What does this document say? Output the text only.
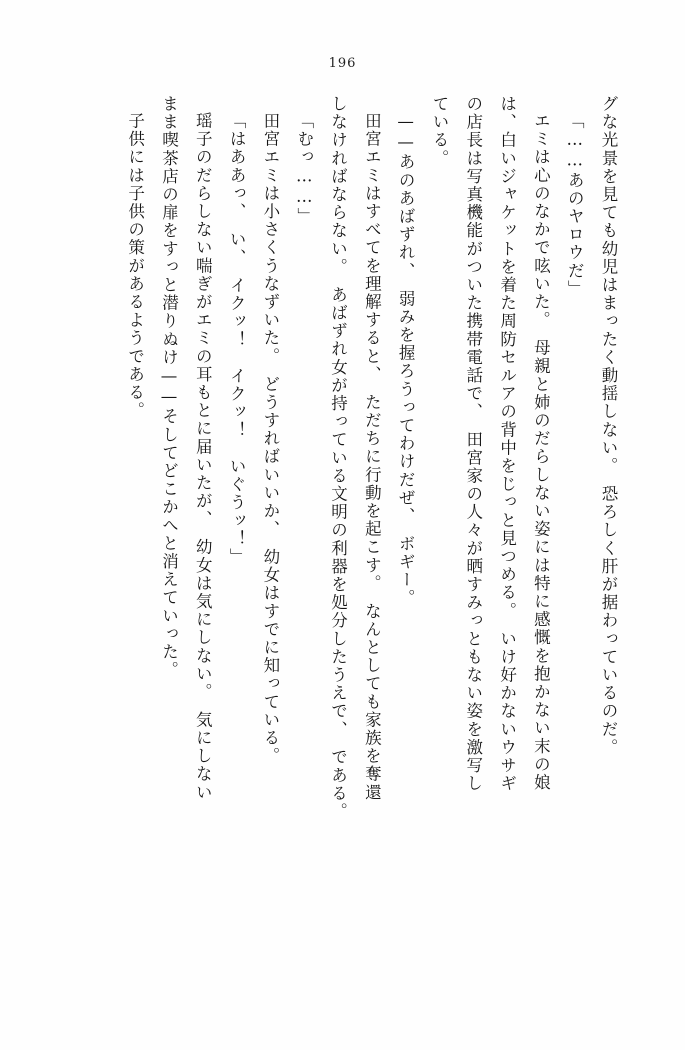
196

グな光景を見ても幼児はまったく動揺しない。　恐ろしく肝が据わっているのだ。

「……あのヤロウだ」

エミは心のなかで呟いた。　母親と姉のだらしない姿には特に感慨を抱かない末の娘

は、白いジャケットを着た周防セルアの背中をじっと見つめる。　いけ好かないウサギ

の店長は写真機能がついた携帯電話で、　田宮家の人々が晒すみっともない姿を激写し

ている。

——あのあばずれ、　弱みを握ろうってわけだぜ、　ボギー。

田宮エミはすべてを理解すると、　ただちに行動を起こす。　なんとしても家族を奪還

しなければならない。　あばずれ女が持っている文明の利器を処分したうえで、　である。

「むっ……」

田宮エミは小さくうなずいた。　どうすればいいか、　幼女はすでに知っている。

「はああっ、　い、　イクッ！　イクッ！　いぐうッ！」

瑶子のだらしない喘ぎがエミの耳もとに届いたが、　幼女は気にしない。　気にしない

まま喫茶店の扉をすっと潜りぬけ——そしてどこかへと消えていった。

子供には子供の策があるようである。
